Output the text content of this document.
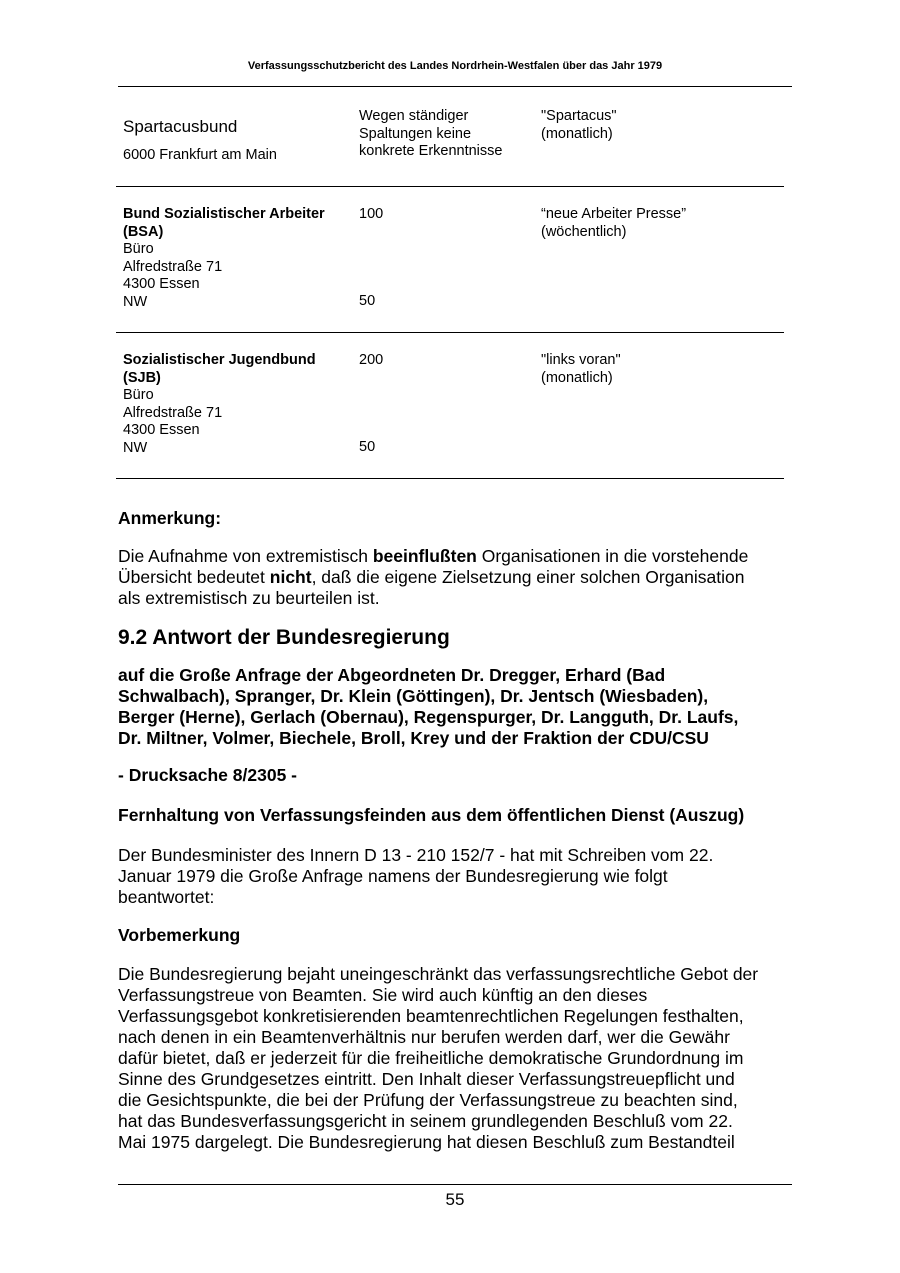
Verfassungsschutzbericht des Landes Nordrhein-Westfalen über das Jahr 1979
Spartacusbund
6000 Frankfurt am Main
Wegen ständiger
Spaltungen keine
konkrete Erkenntnisse
"Spartacus"
(monatlich)
Bund Sozialistischer Arbeiter
(BSA)
Büro
Alfredstraße 71
4300 Essen
NW
100
50
“neue Arbeiter Presse”
(wöchentlich)
Sozialistischer Jugendbund
(SJB)
Büro
Alfredstraße 71
4300 Essen
NW
200
50
"links voran"
(monatlich)
Anmerkung:
Die Aufnahme von extremistisch beeinflußten Organisationen in die vorstehende
Übersicht bedeutet nicht, daß die eigene Zielsetzung einer solchen Organisation
als extremistisch zu beurteilen ist.
9.2 Antwort der Bundesregierung
auf die Große Anfrage der Abgeordneten Dr. Dregger, Erhard (Bad
Schwalbach), Spranger, Dr. Klein (Göttingen), Dr. Jentsch (Wiesbaden),
Berger (Herne), Gerlach (Obernau), Regenspurger, Dr. Langguth, Dr. Laufs,
Dr. Miltner, Volmer, Biechele, Broll, Krey und der Fraktion der CDU/CSU
- Drucksache 8/2305 -
Fernhaltung von Verfassungsfeinden aus dem öffentlichen Dienst (Auszug)
Der Bundesminister des Innern D 13 - 210 152/7 - hat mit Schreiben vom 22.
Januar 1979 die Große Anfrage namens der Bundesregierung wie folgt
beantwortet:
Vorbemerkung
Die Bundesregierung bejaht uneingeschränkt das verfassungsrechtliche Gebot der
Verfassungstreue von Beamten. Sie wird auch künftig an den dieses
Verfassungsgebot konkretisierenden beamtenrechtlichen Regelungen festhalten,
nach denen in ein Beamtenverhältnis nur berufen werden darf, wer die Gewähr
dafür bietet, daß er jederzeit für die freiheitliche demokratische Grundordnung im
Sinne des Grundgesetzes eintritt. Den Inhalt dieser Verfassungstreuepflicht und
die Gesichtspunkte, die bei der Prüfung der Verfassungstreue zu beachten sind,
hat das Bundesverfassungsgericht in seinem grundlegenden Beschluß vom 22.
Mai 1975 dargelegt. Die Bundesregierung hat diesen Beschluß zum Bestandteil
55
